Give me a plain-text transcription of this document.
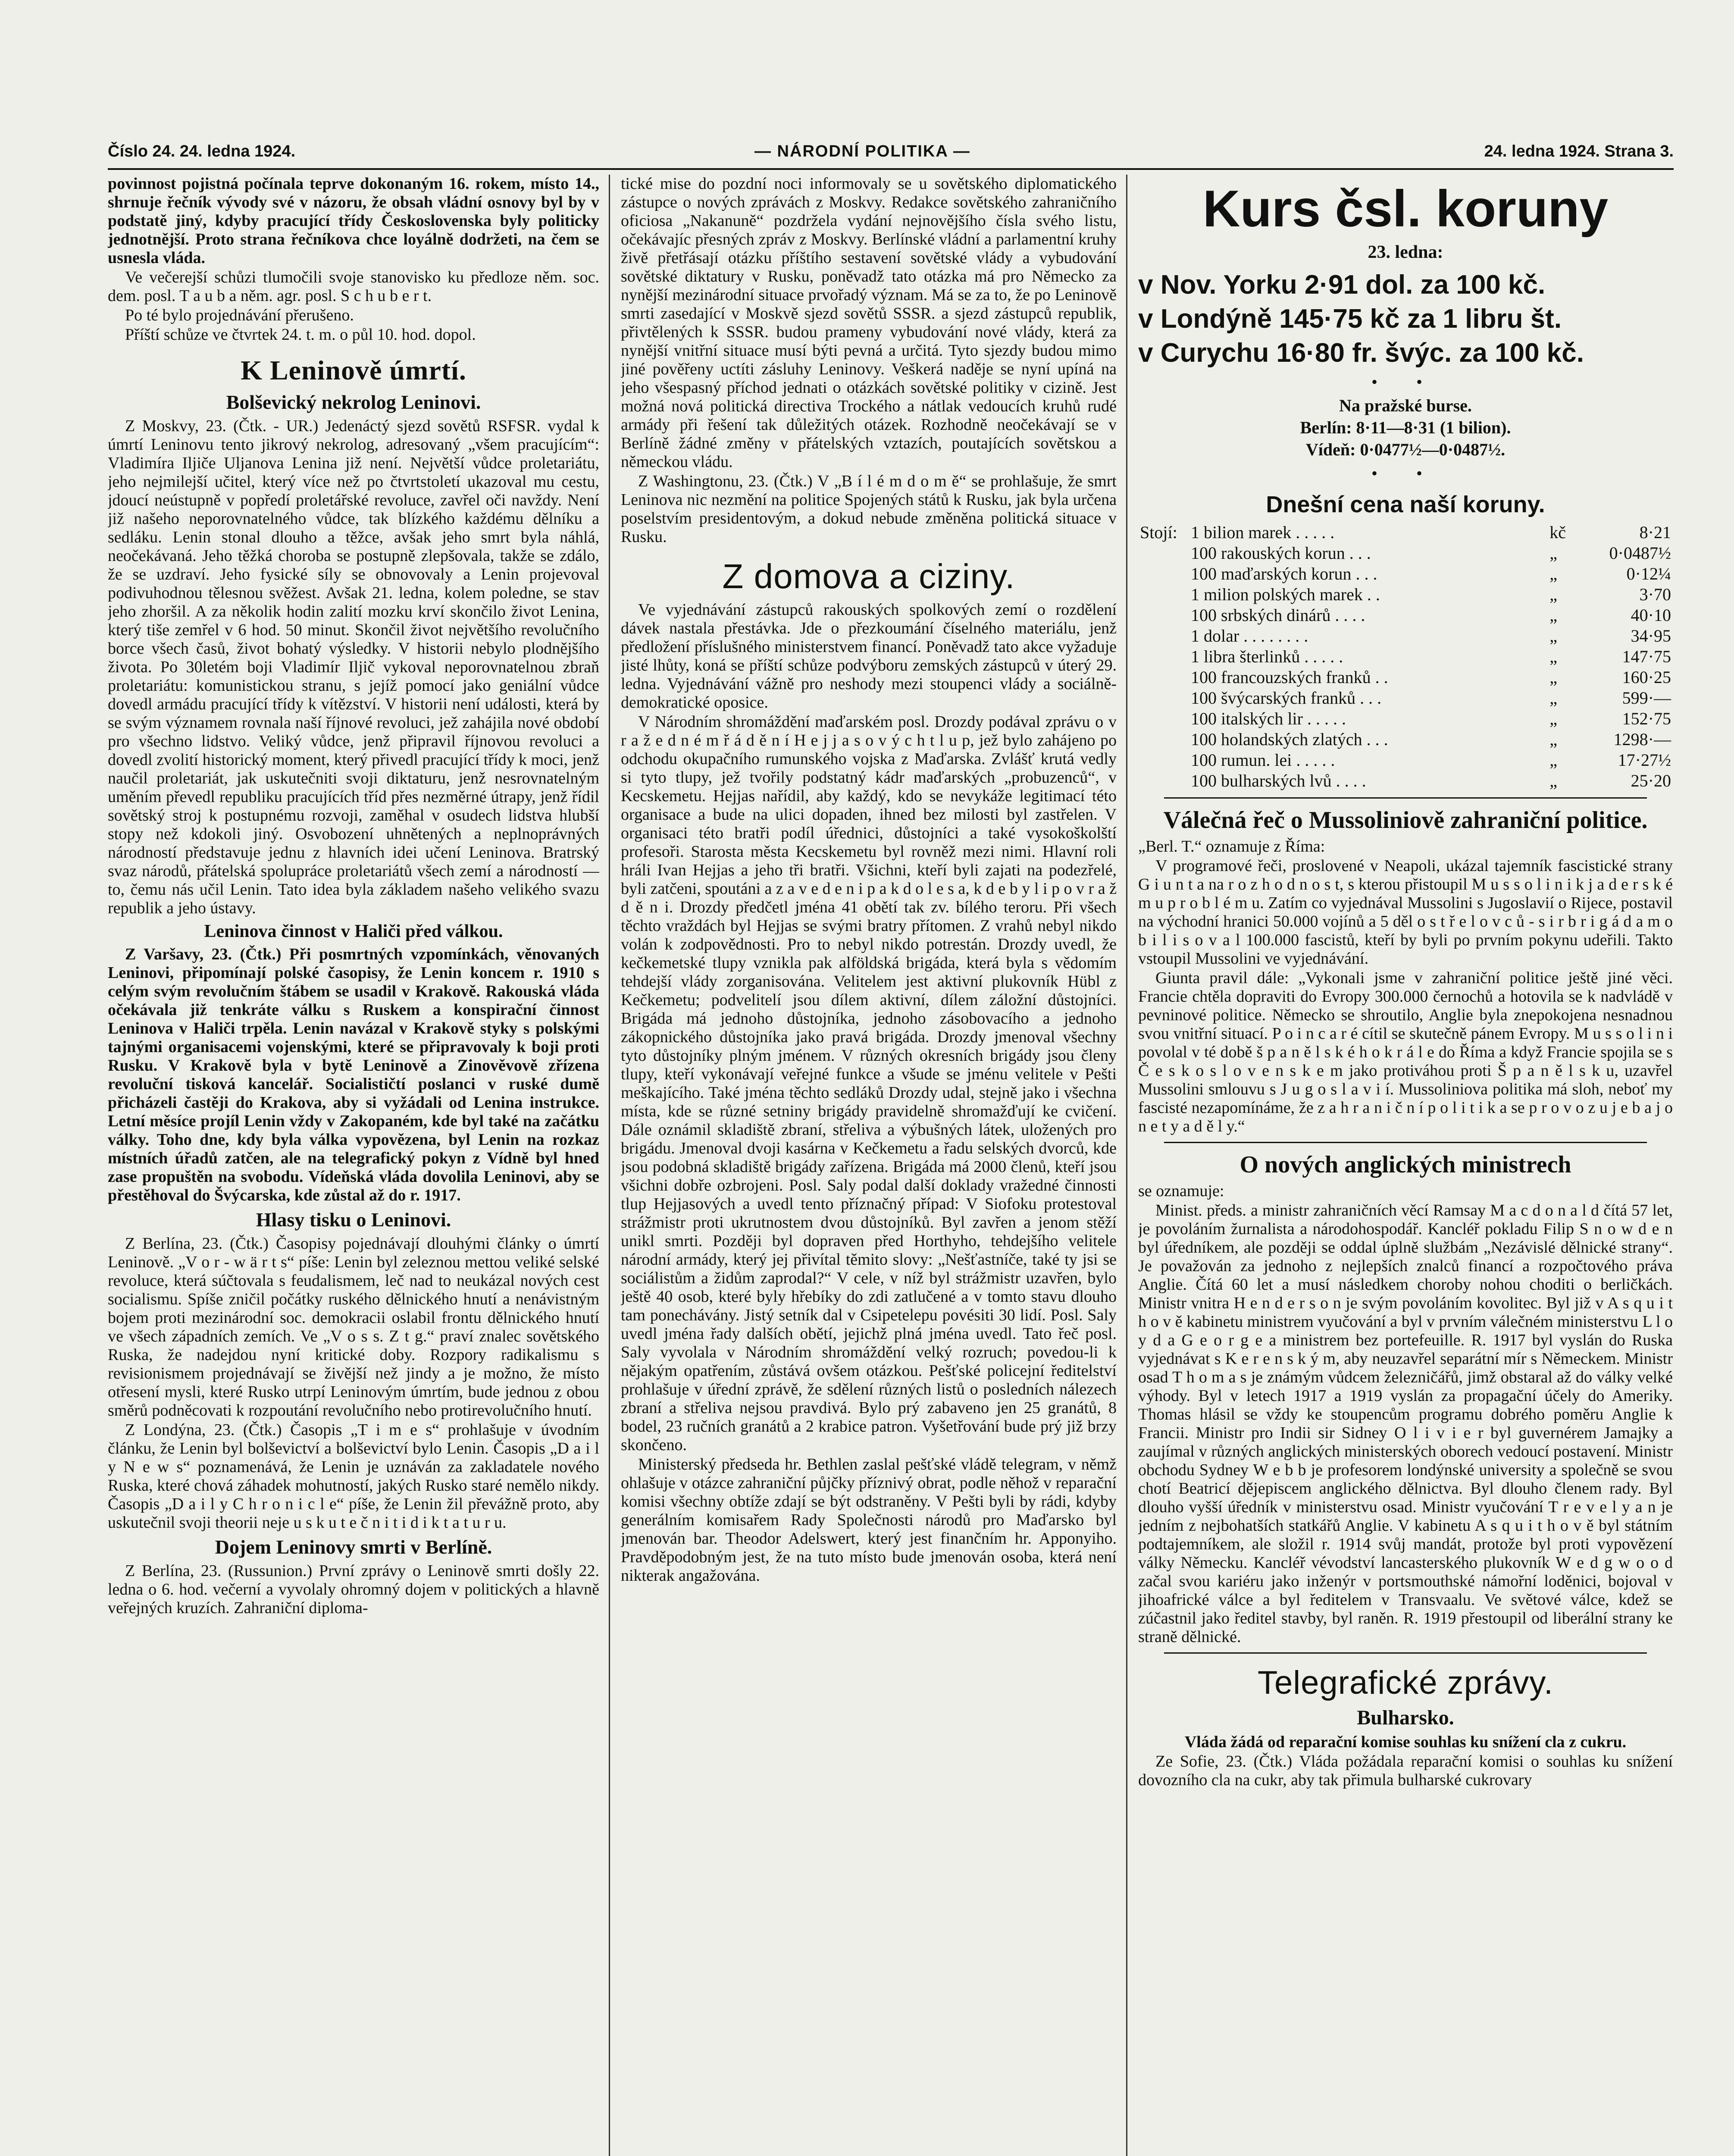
Číslo 24. 24. ledna 1924.	— NÁRODNÍ POLITIKA —	24. ledna 1924. Strana 3.

povinnost pojistná počínala teprve dokonaným 16. rokem, místo 14., shrnuje řečník vývody své v názoru, že obsah vládní osnovy byl by v podstatě jiný, kdyby pracující třídy Československa byly politicky jednotnější. Proto strana řečníkova chce loyálně dodržeti, na čem se usnesla vláda.

Ve večerejší schůzi tlumočili svoje stanovisko ku předloze něm. soc. dem. posl. T a u b a něm. agr. posl. S c h u b e r t.

Po té bylo projednávání přerušeno.

Příští schůze ve čtvrtek 24. t. m. o půl 10. hod. dopol.

K Leninově úmrtí.
Bolševický nekrolog Leninovi.

Z Moskvy, 23. (Čtk. - UR.) Jedenáctý sjezd sovětů RSFSR. vydal k úmrtí Leninovu tento jikrový nekrolog, adresovaný „všem pracujícím“: Vladimíra Iljiče Uljanova Lenina již není. Největší vůdce proletariátu, jeho nejmilejší učitel, který více než po čtvrtstoletí ukazoval mu cestu, jdoucí neústupně v popředí proletářské revoluce, zavřel oči navždy. Není již našeho neporovnatelného vůdce, tak blízkého každému dělníku a sedláku. Lenin stonal dlouho a těžce, avšak jeho smrt byla náhlá, neočekávaná. Jeho těžká choroba se postupně zlepšovala, takže se zdálo, že se uzdraví. Jeho fysické síly se obnovovaly a Lenin projevoval podivuhodnou tělesnou svěžest. Avšak 21. ledna, kolem poledne, se stav jeho zhoršil. A za několik hodin zalití mozku krví skončilo život Lenina, který tiše zemřel v 6 hod. 50 minut. Skončil život největšího revolučního borce všech časů, život bohatý výsledky. V historii nebylo plodnějšího života. Po 30letém boji Vladimír Iljič vykoval neporovnatelnou zbraň proletariátu: komunistickou stranu, s jejíž pomocí jako geniální vůdce dovedl armádu pracující třídy k vítězství. V historii není události, která by se svým významem rovnala naší říjnové revoluci, jež zahájila nové období pro všechno lidstvo. Veliký vůdce, jenž připravil říjnovou revoluci a dovedl zvolití historický moment, který přivedl pracující třídy k moci, jenž naučil proletariát, jak uskutečniti svoji diktaturu, jenž nesrovnatelným uměním převedl republiku pracujících tříd přes nezměrné útrapy, jenž řídil sovětský stroj k postupnému rozvoji, zaměhal v osudech lidstva hlubší stopy než kdokoli jiný. Osvobození uhnětených a neplnoprávných národností představuje jednu z hlavních idei učení Leninova. Bratrský svaz národů, přátelská spolupráce proletariátů všech zemí a národností — to, čemu nás učil Lenin. Tato idea byla základem našeho velikého svazu republik a jeho ústavy.

Leninova činnost v Haliči před válkou.

Z Varšavy, 23. (Čtk.) Při posmrtných vzpomínkách, věnovaných Leninovi, připomínají polské časopisy, že Lenin koncem r. 1910 s celým svým revolučním štábem se usadil v Krakově. Rakouská vláda očekávala již tenkráte válku s Ruskem a konspirační činnost Leninova v Haliči trpěla. Lenin navázal v Krakově styky s polskými tajnými organisacemi vojenskými, které se připravovaly k boji proti Rusku. V Krakově byla v bytě Leninově a Zinověvově zřízena revoluční tisková kancelář. Socialističtí poslanci v ruské dumě přicházeli častěji do Krakova, aby si vyžádali od Lenina instrukce. Letní měsíce projíl Lenin vždy v Zakopaném, kde byl také na začátku války. Toho dne, kdy byla válka vypovězena, byl Lenin na rozkaz místních úřadů zatčen, ale na telegrafický pokyn z Vídně byl hned zase propuštěn na svobodu. Vídeňská vláda dovolila Leninovi, aby se přestěhoval do Švýcarska, kde zůstal až do r. 1917.

Hlasy tisku o Leninovi.

Z Berlína, 23. (Čtk.) Časopisy pojednávají dlouhými články o úmrtí Leninově. „V o r - w ä r t s“ píše: Lenin byl zeleznou mettou veliké selské revoluce, která súčtovala s feudalismem, leč nad to neukázal nových cest socialismu. Spíše zničil počátky ruského dělnického hnutí a nenávistným bojem proti mezinárodní soc. demokracii oslabil frontu dělnického hnutí ve všech západních zemích. Ve „V o s s. Z t g.“ praví znalec sovětského Ruska, že nadejdou nyní kritické doby. Rozpory radikalismu s revisionismem projednávají se živější než jindy a je možno, že místo otřesení mysli, které Rusko utrpí Leninovým úmrtím, bude jednou z obou směrů podněcovati k rozpoutání revolučního nebo protirevolučního hnutí.

Z Londýna, 23. (Čtk.) Časopis „T i m e s“ prohlašuje v úvodním článku, že Lenin byl bolševictví a bolševictví bylo Lenin. Časopis „D a i l y N e w s“ poznamenává, že Lenin je uznáván za zakladatele nového Ruska, které chová záhadek mohutností, jakých Rusko staré nemělo nikdy. Časopis „D a i l y C h r o n i c l e“ píše, že Lenin žil převážně proto, aby uskutečnil svoji theorii neje u s k u t e č n i t i d i k t a t u r u.

Dojem Leninovy smrti v Berlíně.

Z Berlína, 23. (Russunion.) První zprávy o Leninově smrti došly 22. ledna o 6. hod. večerní a vyvolaly ohromný dojem v politických a hlavně veřejných kruzích. Zahraniční diploma-

tické mise do pozdní noci informovaly se u sovětského diplomatického zástupce o nových zprávách z Moskvy. Redakce sovětského zahraničního oficiosa „Nakanuně“ pozdržela vydání nejnovějšího čísla svého listu, očekávajíc přesných zpráv z Moskvy. Berlínské vládní a parlamentní kruhy živě přetřásají otázku příštího sestavení sovětské vlády a vybudování sovětské diktatury v Rusku, poněvadž tato otázka má pro Německo za nynější mezinárodní situace prvořadý význam. Má se za to, že po Leninově smrti zasedající v Moskvě sjezd sovětů SSSR. a sjezd zástupců republik, přivtělených k SSSR. budou prameny vybudování nové vlády, která za nynější vnitřní situace musí býti pevná a určitá. Tyto sjezdy budou mimo jiné pověřeny uctíti zásluhy Leninovy. Veškerá naděje se nyní upíná na jeho všespasný příchod jednati o otázkách sovětské politiky v cizině. Jest možná nová politická directiva Trockého a nátlak vedoucích kruhů rudé armády při řešení tak důležitých otázek. Rozhodně neočekávají se v Berlíně žádné změny v přátelských vztazích, poutajících sovětskou a německou vládu.

Z Washingtonu, 23. (Čtk.) V „B í l é m d o m ě“ se prohlašuje, že smrt Leninova nic nezmění na politice Spojených států k Rusku, jak byla určena poselstvím presidentovým, a dokud nebude změněna politická situace v Rusku.

Z domova a ciziny.

Ve vyjednávání zástupců rakouských spolkových zemí o rozdělení dávek nastala přestávka. Jde o přezkoumání číselného materiálu, jenž předložení příslušného ministerstvem financí. Poněvadž tato akce vyžaduje jisté lhůty, koná se příští schůze podvýboru zemských zástupců v úterý 29. ledna. Vyjednávání vážně pro neshody mezi stoupenci vlády a sociálně-demokratické oposice.

V Národním shromáždění maďarském posl. Drozdy podával zprávu o v r a ž e d n é m ř á d ě n í H e j j a s o v ý c h t l u p, jež bylo zahájeno po odchodu okupačního rumunského vojska z Maďarska. Zvlášť krutá vedly si tyto tlupy, jež tvořily podstatný kádr maďarských „probuzenců“, v Kecskemetu. Hejjas nařídil, aby každý, kdo se nevykáže legitimací této organisace a bude na ulici dopaden, ihned bez milosti byl zastřelen. V organisaci této bratři podíl úřednici, důstojníci a také vysokoškolští profesoři. Starosta města Kecskemetu byl rovněž mezi nimi. Hlavní roli hráli Ivan Hejjas a jeho tři bratři. Všichni, kteří byli zajati na podezřelé, byli zatčeni, spoutáni a z a v e d e n i p a k d o l e s a, k d e b y l i p o v r a ž d ě n i. Drozdy předčetl jména 41 obětí tak zv. bílého teroru. Při všech těchto vraždách byl Hejjas se svými bratry přítomen. Z vrahů nebyl nikdo volán k zodpovědnosti. Pro to nebyl nikdo potrestán. Drozdy uvedl, že kečkemetské tlupy vznikla pak alföldská brigáda, která byla s vědomím tehdejší vlády zorganisována. Velitelem jest aktivní plukovník Hübl z Kečkemetu; podvelitelí jsou dílem aktivní, dílem záložní důstojníci. Brigáda má jednoho důstojníka, jednoho zásobovacího a jednoho zákopnického důstojníka jako pravá brigáda. Drozdy jmenoval všechny tyto důstojníky plným jménem. V různých okresních brigády jsou členy tlupy, kteří vykonávají veřejné funkce a všude se jménu velitele v Pešti meškajícího. Také jména těchto sedláků Drozdy udal, stejně jako i všechna místa, kde se různé setniny brigády pravidelně shromažďují ke cvičení. Dále oznámil skladiště zbraní, střeliva a výbušných látek, uložených pro brigádu. Jmenoval dvoji kasárna v Kečkemetu a řadu selských dvorců, kde jsou podobná skladiště brigády zařízena. Brigáda má 2000 členů, kteří jsou všichni dobře ozbrojeni. Posl. Saly podal další doklady vražedné činnosti tlup Hejjasových a uvedl tento příznačný případ: V Siofoku protestoval strážmistr proti ukrutnostem dvou důstojníků. Byl zavřen a jenom stěží unikl smrti. Později byl dopraven před Horthyho, tehdejšího velitele národní armády, který jej přivítal těmito slovy: „Nešťastníče, také ty jsi se sociálistům a židům zaprodal?“ V cele, v níž byl strážmistr uzavřen, bylo ještě 40 osob, které byly hřebíky do zdi zatlučené a v tomto stavu dlouho tam ponechávány. Jistý setník dal v Csipetelepu povésiti 30 lidí. Posl. Saly uvedl jména řady dalších obětí, jejichž plná jména uvedl. Tato řeč posl. Saly vyvolala v Národním shromáždění velký rozruch; povedou-li k nějakým opatřením, zůstává ovšem otázkou. Pešťské policejní ředitelství prohlašuje v úřední zprávě, že sdělení různých listů o posledních nálezech zbraní a střeliva nejsou pravdivá. Bylo prý zabaveno jen 25 granátů, 8 bodel, 23 ručních granátů a 2 krabice patron. Vyšetřování bude prý již brzy skončeno.

Ministerský předseda hr. Bethlen zaslal pešťské vládě telegram, v němž ohlašuje v otázce zahraniční půjčky příznivý obrat, podle něhož v reparační komisi všechny obtíže zdají se být odstraněny. V Pešti byli by rádi, kdyby generálním komisařem Rady Společnosti národů pro Maďarsko byl jmenován bar. Theodor Adelswert, který jest finančním hr. Apponyiho. Pravděpodobným jest, že na tuto místo bude jmenován osoba, která není nikterak angažována.

Kurs čsl. koruny
23. ledna:
v Nov. Yorku 2·91 dol. za 100 kč.
v Londýně 145·75 kč za 1 libru št.
v Curychu 16·80 fr. švýc. za 100 kč.
• •
Na pražské burse.
Berlín: 8·11—8·31 (1 bilion).
Vídeň: 0·0477½—0·0487½.
• •
Dnešní cena naší koruny.
Stojí:	1 bilion marek . . . . .	kč	8·21
	100 rakouských korun . . .	„	0·0487½
	100 maďarských korun . . .	„	0·12¼
	1 milion polských marek . .	„	3·70
	100 srbských dinárů . . . .	„	40·10
	1 dolar . . . . . . . .	„	34·95
	1 libra šterlinků . . . . .	„	147·75
	100 francouzských franků . .	„	160·25
	100 švýcarských franků . . .	„	599·—
	100 italských lir . . . . .	„	152·75
	100 holandských zlatých . . .	„	1298·—
	100 rumun. lei . . . . .	„	17·27½
	100 bulharských lvů . . . .	„	25·20
Válečná řeč o Mussoliniově zahraniční politice.

„Berl. T.“ oznamuje z Říma:

V programové řeči, proslovené v Neapoli, ukázal tajemník fascistické strany G i u n t a na r o z h o d n o s t, s kterou přistoupil M u s s o l i n i k j a d e r s k é m u p r o b l é m u. Zatím co vyjednával Mussolini s Jugoslavií o Rijece, postavil na východní hranici 50.000 vojínů a 5 děl o s t ř e l o v c ů - s i r b r i g á d a m o b i l i s o v a l 100.000 fascistů, kteří by byli po prvním pokynu udeřili. Takto vstoupil Mussolini ve vyjednávání.

Giunta pravil dále: „Vykonali jsme v zahraniční politice ještě jiné věci. Francie chtěla dopraviti do Evropy 300.000 černochů a hotovila se k nadvládě v pevninové politice. Německo se shroutilo, Anglie byla znepokojena nesnadnou svou vnitřní situací. P o i n c a r é cítil se skutečně pánem Evropy. M u s s o l i n i povolal v té době š p a n ě l s k é h o k r á l e do Říma a když Francie spojila se s Č e s k o s l o v e n s k e m jako protiváhou proti Š p a n ě l s k u, uzavřel Mussolini smlouvu s J u g o s l a v i í. Mussoliniova politika má sloh, neboť my fascisté nezapomínáme, že z a h r a n i č n í p o l i t i k a se p r o v o z u j e b a j o n e t y a d ě l y.“

O nových anglických ministrech

se oznamuje:

Minist. předs. a ministr zahraničních věcí Ramsay M a c d o n a l d čítá 57 let, je povoláním žurnalista a národohospodář. Kancléř pokladu Filip S n o w d e n byl úředníkem, ale později se oddal úplně službám „Nezávislé dělnické strany“. Je považován za jednoho z nejlepších znalců financí a rozpočtového práva Anglie. Čítá 60 let a musí následkem choroby nohou choditi o berličkách. Ministr vnitra H e n d e r s o n je svým povoláním kovolitec. Byl již v A s q u i t h o v ě kabinetu ministrem vyučování a byl v prvním válečném ministerstvu L l o y d a G e o r g e a ministrem bez portefeuille. R. 1917 byl vyslán do Ruska vyjednávat s K e r e n s k ý m, aby neuzavřel separátní mír s Německem. Ministr osad T h o m a s je známým vůdcem železničářů, jimž obstaral až do války velké výhody. Byl v letech 1917 a 1919 vyslán za propagační účely do Ameriky. Thomas hlásil se vždy ke stoupencům programu dobrého poměru Anglie k Francii. Ministr pro Indii sir Sidney O l i v i e r byl guvernérem Jamajky a zaujímal v různých anglických ministerských oborech vedoucí postavení. Ministr obchodu Sydney W e b b je profesorem londýnské university a společně se svou chotí Beatricí dějepiscem anglického dělnictva. Byl dlouho členem rady. Byl dlouho vyšší úředník v ministerstvu osad. Ministr vyučování T r e v e l y a n je jedním z nejbohatších statkářů Anglie. V kabinetu A s q u i t h o v ě byl státním podtajemníkem, ale složil r. 1914 svůj mandát, protože byl proti vypovězení války Německu. Kancléř vévodství lancasterského plukovník W e d g w o o d začal svou kariéru jako inženýr v portsmouthské námořní loděnici, bojoval v jihoafrické válce a byl ředitelem v Transvaalu. Ve světové válce, kdež se zúčastnil jako ředitel stavby, byl raněn. R. 1919 přestoupil od liberální strany ke straně dělnické.

Telegrafické zprávy.
Bulharsko.

Vláda žádá od reparační komise souhlas ku snížení cla z cukru.

Ze Sofie, 23. (Čtk.) Vláda požádala reparační komisi o souhlas ku snížení dovozního cla na cukr, aby tak přimula bulharské cukrovary
